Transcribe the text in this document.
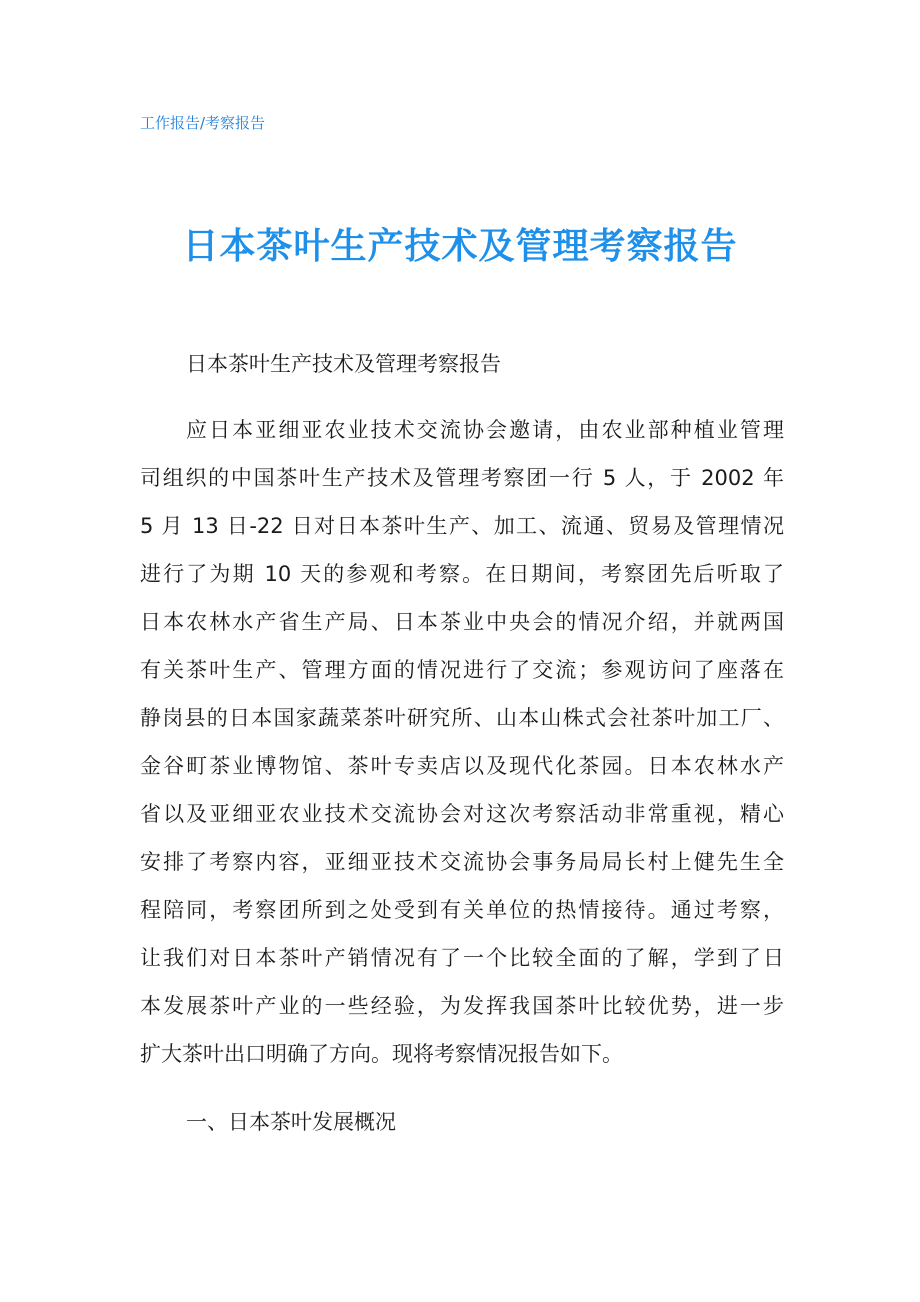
工作报告/考察报告
日本茶叶生产技术及管理考察报告
日本茶叶生产技术及管理考察报告
应日本亚细亚农业技术交流协会邀请，由农业部种植业管理
司组织的中国茶叶生产技术及管理考察团一行 5 人，于 2002 年
5 月 13 日-22 日对日本茶叶生产、加工、流通、贸易及管理情况
进行了为期 10 天的参观和考察。在日期间，考察团先后听取了
日本农林水产省生产局、日本茶业中央会的情况介绍，并就两国
有关茶叶生产、管理方面的情况进行了交流；参观访问了座落在
静岗县的日本国家蔬菜茶叶研究所、山本山株式会社茶叶加工厂、
金谷町茶业博物馆、茶叶专卖店以及现代化茶园。日本农林水产
省以及亚细亚农业技术交流协会对这次考察活动非常重视，精心
安排了考察内容，亚细亚技术交流协会事务局局长村上健先生全
程陪同，考察团所到之处受到有关单位的热情接待。通过考察，
让我们对日本茶叶产销情况有了一个比较全面的了解，学到了日
本发展茶叶产业的一些经验，为发挥我国茶叶比较优势，进一步
扩大茶叶出口明确了方向。现将考察情况报告如下。
一、日本茶叶发展概况
